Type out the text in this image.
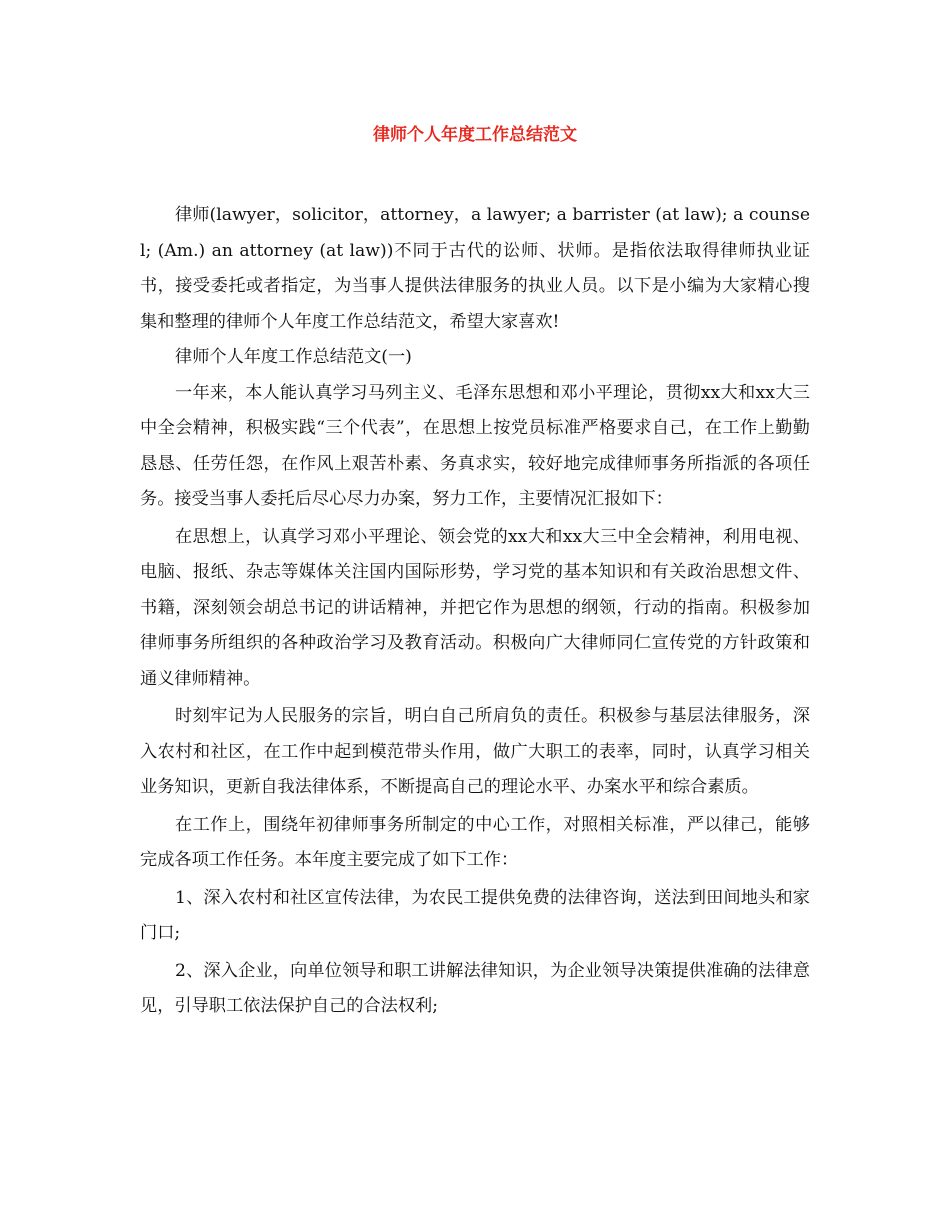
律师个人年度工作总结范文

律师(lawyer，solicitor，attorney，a lawyer; a barrister (at law); a counsel; (Am.) an attorney (at law))不同于古代的讼师、状师。是指依法取得律师执业证书，接受委托或者指定，为当事人提供法律服务的执业人员。以下是小编为大家精心搜集和整理的律师个人年度工作总结范文，希望大家喜欢!

律师个人年度工作总结范文(一)

一年来，本人能认真学习马列主义、毛泽东思想和邓小平理论，贯彻xx大和xx大三中全会精神，积极实践“三个代表”，在思想上按党员标准严格要求自己，在工作上勤勤恳恳、任劳任怨，在作风上艰苦朴素、务真求实，较好地完成律师事务所指派的各项任务。接受当事人委托后尽心尽力办案，努力工作，主要情况汇报如下：

在思想上，认真学习邓小平理论、领会党的xx大和xx大三中全会精神，利用电视、电脑、报纸、杂志等媒体关注国内国际形势，学习党的基本知识和有关政治思想文件、书籍，深刻领会胡总书记的讲话精神，并把它作为思想的纲领，行动的指南。积极参加律师事务所组织的各种政治学习及教育活动。积极向广大律师同仁宣传党的方针政策和通义律师精神。

时刻牢记为人民服务的宗旨，明白自己所肩负的责任。积极参与基层法律服务，深入农村和社区，在工作中起到模范带头作用，做广大职工的表率，同时，认真学习相关业务知识，更新自我法律体系，不断提高自己的理论水平、办案水平和综合素质。

在工作上，围绕年初律师事务所制定的中心工作，对照相关标准，严以律己，能够完成各项工作任务。本年度主要完成了如下工作：

1、深入农村和社区宣传法律，为农民工提供免费的法律咨询，送法到田间地头和家门口;

2、深入企业，向单位领导和职工讲解法律知识，为企业领导决策提供准确的法律意见，引导职工依法保护自己的合法权利;
